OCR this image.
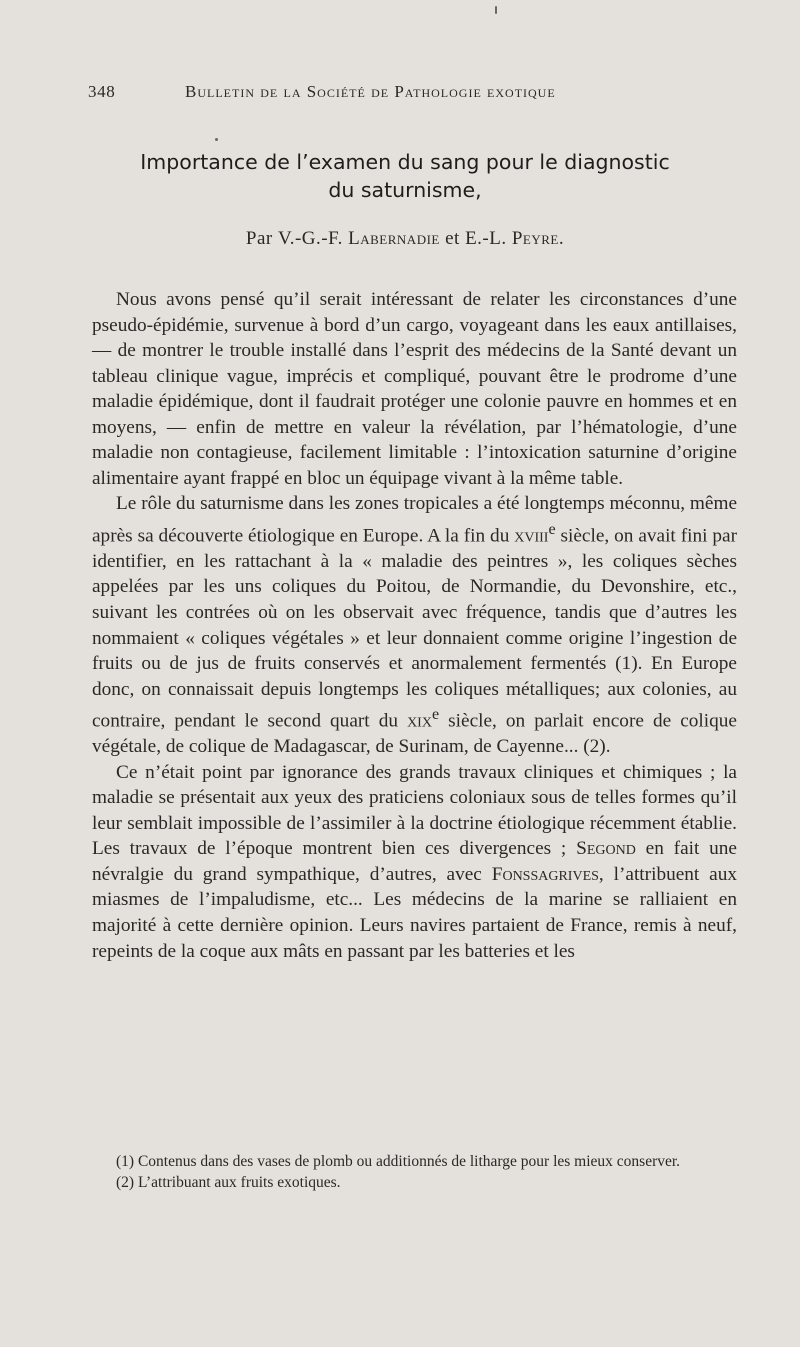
348	Bulletin de la Société de Pathologie exotique
Importance de l’examen du sang pour le diagnostic
du saturnisme,
Par V.-G.-F. Labernadie et E.-L. Peyre.

Nous avons pensé qu’il serait intéressant de relater les circonstances d’une pseudo-épidémie, survenue à bord d’un cargo, voyageant dans les eaux antillaises, — de montrer le trouble installé dans l’esprit des médecins de la Santé devant un tableau clinique vague, imprécis et compliqué, pouvant être le prodrome d’une maladie épidémique, dont il faudrait protéger une colonie pauvre en hommes et en moyens, — enfin de mettre en valeur la révélation, par l’hématologie, d’une maladie non contagieuse, facilement limitable : l’intoxication saturnine d’origine alimentaire ayant frappé en bloc un équipage vivant à la même table.

Le rôle du saturnisme dans les zones tropicales a été longtemps méconnu, même après sa découverte étiologique en Europe. A la fin du xviii$^e$ siècle, on avait fini par identifier, en les rattachant à la « maladie des peintres », les coliques sèches appelées par les uns coliques du Poitou, de Normandie, du Devonshire, etc., suivant les contrées où on les observait avec fréquence, tandis que d’autres les nommaient « coliques végétales » et leur donnaient comme origine l’ingestion de fruits ou de jus de fruits conservés et anormalement fermentés (1). En Europe donc, on connaissait depuis longtemps les coliques métalliques; aux colonies, au contraire, pendant le second quart du xix$^e$ siècle, on parlait encore de colique végétale, de colique de Madagascar, de Surinam, de Cayenne... (2).

Ce n’était point par ignorance des grands travaux cliniques et chimiques ; la maladie se présentait aux yeux des praticiens coloniaux sous de telles formes qu’il leur semblait impossible de l’assimiler à la doctrine étiologique récemment établie. Les travaux de l’époque montrent bien ces divergences ; Segond en fait une névralgie du grand sympathique, d’autres, avec Fonssagrives, l’attribuent aux miasmes de l’impaludisme, etc... Les médecins de la marine se ralliaient en majorité à cette dernière opinion. Leurs navires partaient de France, remis à neuf, repeints de la coque aux mâts en passant par les batteries et les

(1) Contenus dans des vases de plomb ou additionnés de litharge pour les mieux conserver.

(2) L’attribuant aux fruits exotiques.
